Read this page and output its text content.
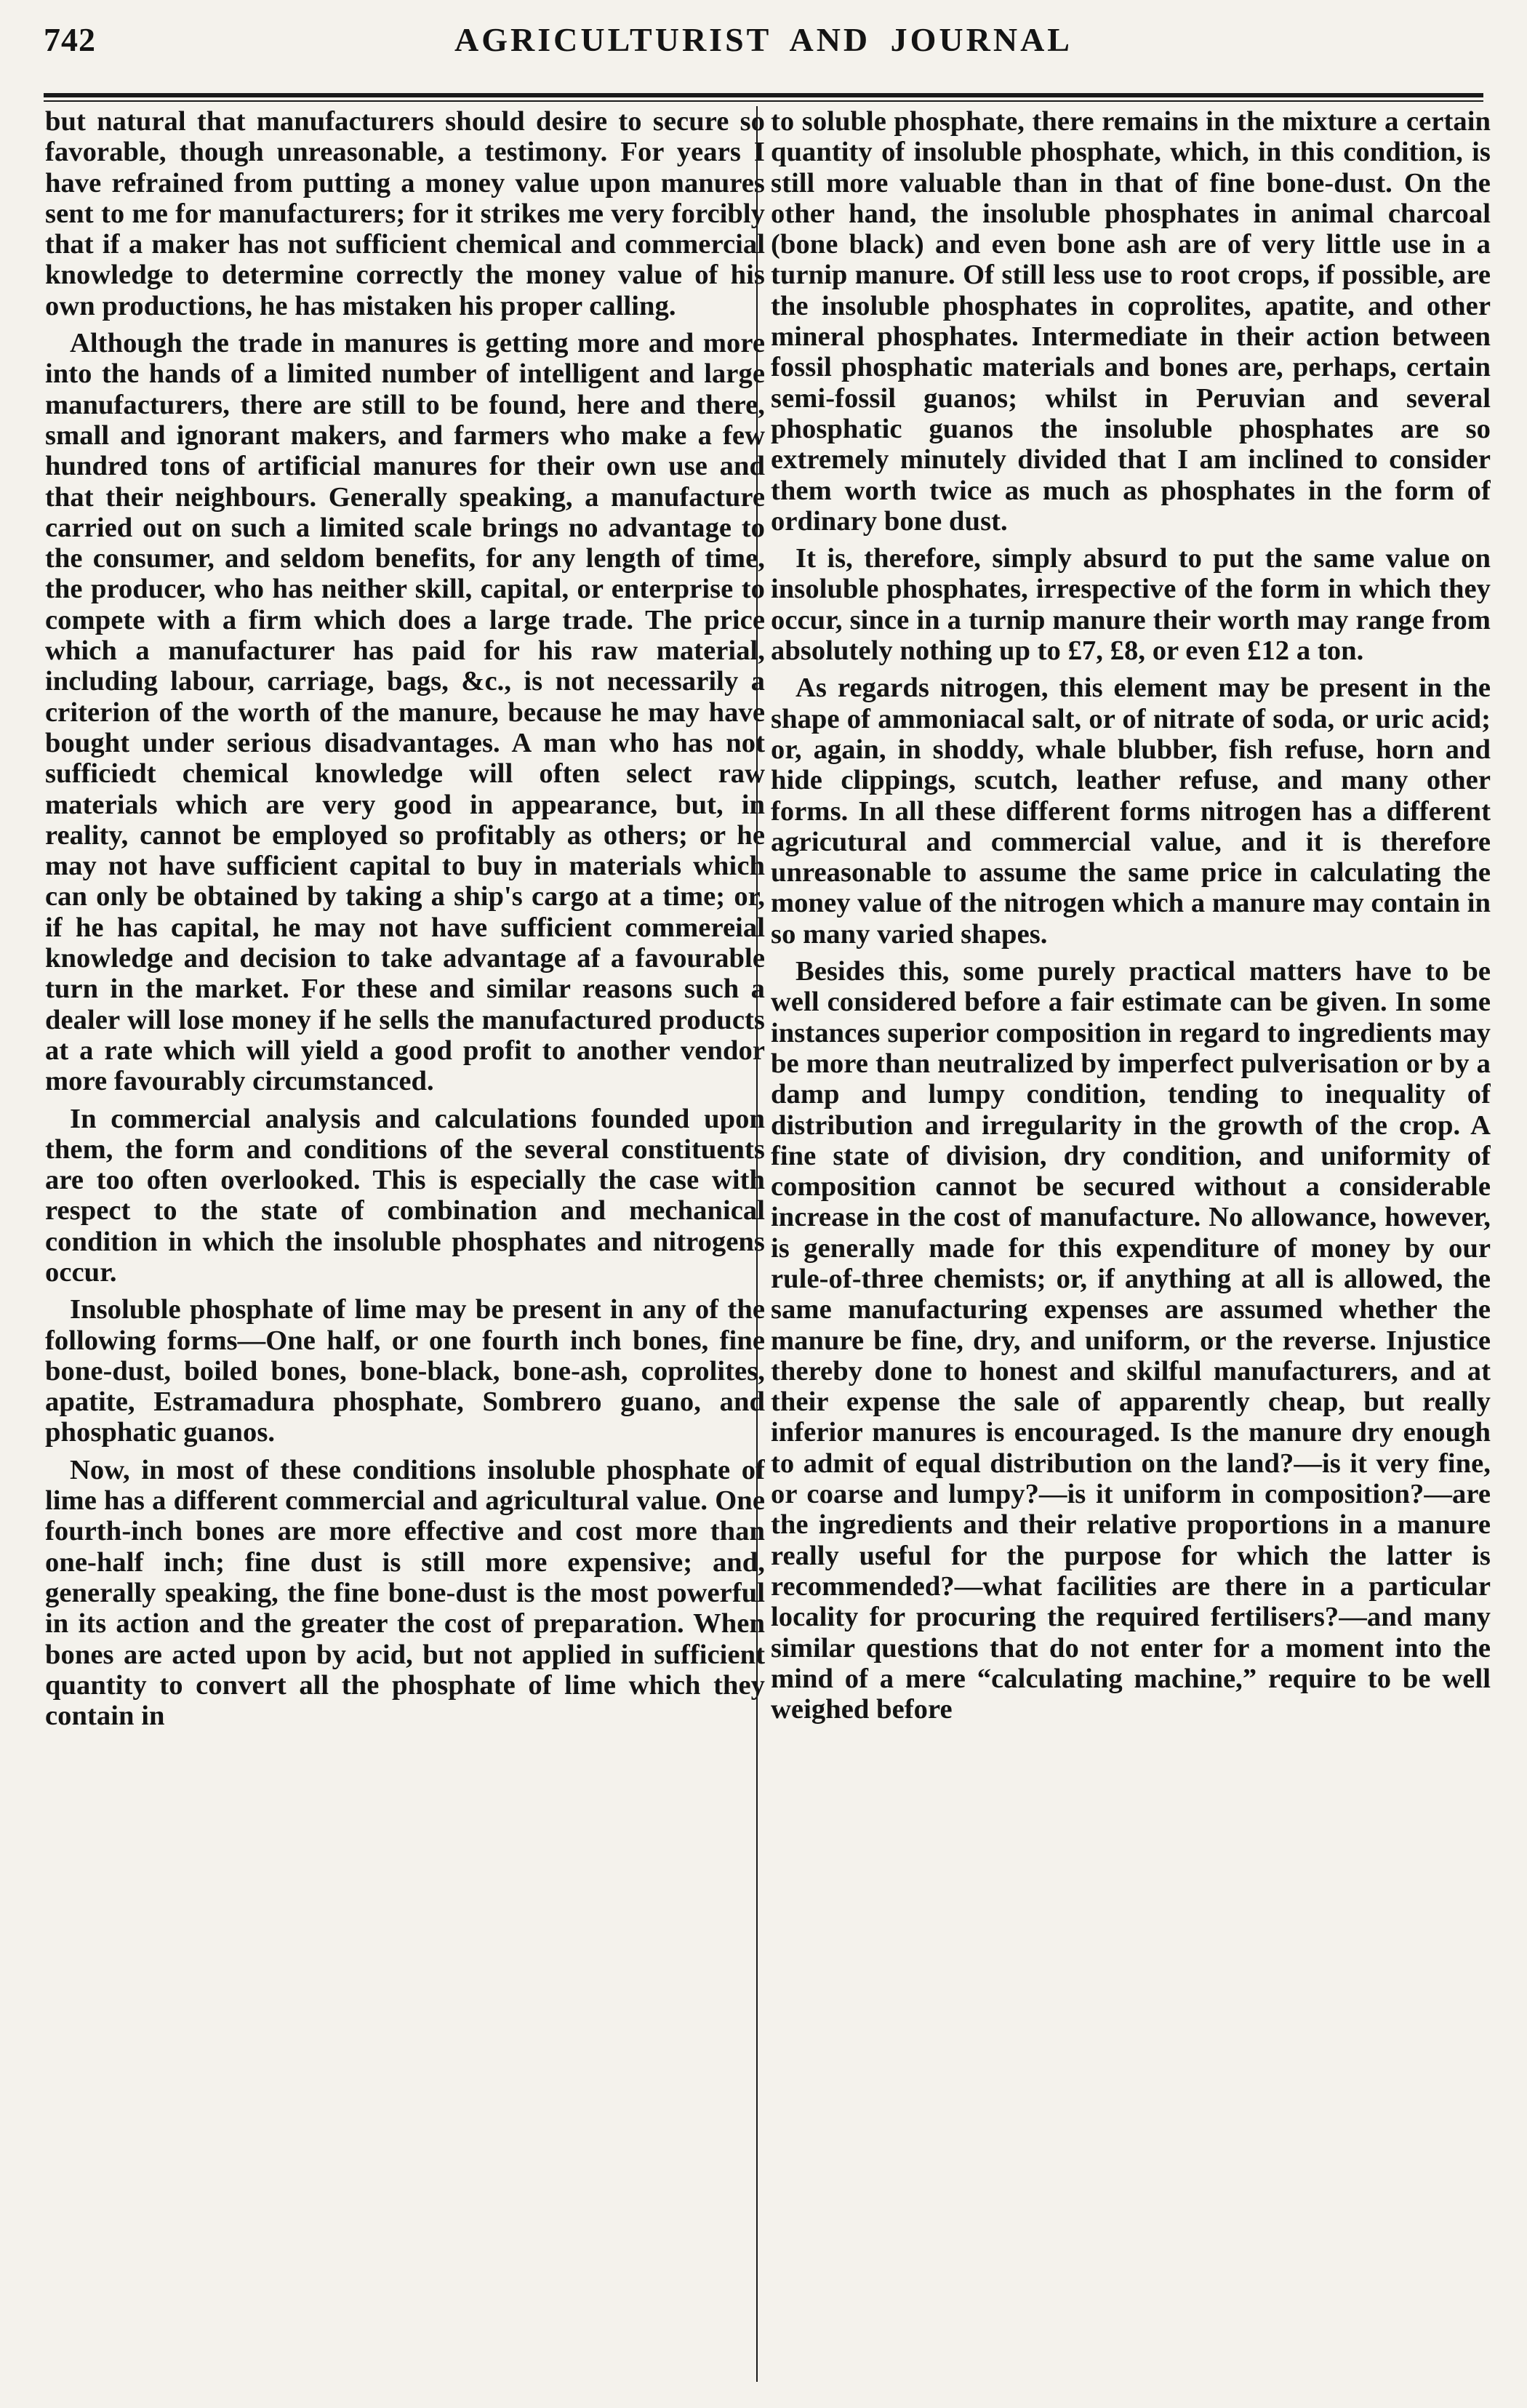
742	AGRICULTURIST AND JOURNAL

but natural that manufacturers should desire to secure so favorable, though unreasonable, a testimony. For years I have refrained from putting a money value upon manures sent to me for manufacturers; for it strikes me very forcibly that if a maker has not sufficient chemical and commercial knowledge to determine correctly the money value of his own productions, he has mistaken his proper calling.

Although the trade in manures is getting more and more into the hands of a limited number of intelligent and large manufacturers, there are still to be found, here and there, small and ignorant makers, and farmers who make a few hundred tons of artificial manures for their own use and that their neighbours. Generally speaking, a manufacture carried out on such a limited scale brings no advantage to the consumer, and seldom benefits, for any length of time, the producer, who has neither skill, capital, or enterprise to compete with a firm which does a large trade. The price which a manufacturer has paid for his raw material, including labour, carriage, bags, &c., is not necessarily a criterion of the worth of the manure, because he may have bought under serious disadvantages. A man who has not sufficiedt chemical knowledge will often select raw materials which are very good in appearance, but, in reality, cannot be employed so profitably as others; or he may not have sufficient capital to buy in materials which can only be obtained by taking a ship's cargo at a time; or, if he has capital, he may not have sufficient commereial knowledge and decision to take advantage af a favourable turn in the market. For these and similar reasons such a dealer will lose money if he sells the manufactured products at a rate which will yield a good profit to another vendor more favourably circumstanced.

In commercial analysis and calculations founded upon them, the form and conditions of the several constituents are too often overlooked. This is especially the case with respect to the state of combination and mechanical condition in which the insoluble phosphates and nitrogens occur.

Insoluble phosphate of lime may be present in any of the following forms—One half, or one fourth inch bones, fine bone-dust, boiled bones, bone-black, bone-ash, coprolites, apatite, Estramadura phosphate, Sombrero guano, and phosphatic guanos.

Now, in most of these conditions insoluble phosphate of lime has a different commercial and agricultural value. One fourth-inch bones are more effective and cost more than one-half inch; fine dust is still more expensive; and, generally speaking, the fine bone-dust is the most powerful in its action and the greater the cost of preparation. When bones are acted upon by acid, but not applied in sufficient quantity to convert all the phosphate of lime which they contain in

to soluble phosphate, there remains in the mixture a certain quantity of insoluble phosphate, which, in this condition, is still more valuable than in that of fine bone-dust. On the other hand, the insoluble phosphates in animal charcoal (bone black) and even bone ash are of very little use in a turnip manure. Of still less use to root crops, if possible, are the insoluble phosphates in coprolites, apatite, and other mineral phosphates. Intermediate in their action between fossil phosphatic materials and bones are, perhaps, certain semi-fossil guanos; whilst in Peruvian and several phosphatic guanos the insoluble phosphates are so extremely minutely divided that I am inclined to consider them worth twice as much as phosphates in the form of ordinary bone dust.

It is, therefore, simply absurd to put the same value on insoluble phosphates, irrespective of the form in which they occur, since in a turnip manure their worth may range from absolutely nothing up to £7, £8, or even £12 a ton.

As regards nitrogen, this element may be present in the shape of ammoniacal salt, or of nitrate of soda, or uric acid; or, again, in shoddy, whale blubber, fish refuse, horn and hide clippings, scutch, leather refuse, and many other forms. In all these different forms nitrogen has a different agricutural and commercial value, and it is therefore unreasonable to assume the same price in calculating the money value of the nitrogen which a manure may contain in so many varied shapes.

Besides this, some purely practical matters have to be well considered before a fair estimate can be given. In some instances superior composition in regard to ingredients may be more than neutralized by imperfect pulverisation or by a damp and lumpy condition, tending to inequality of distribution and irregularity in the growth of the crop. A fine state of division, dry condition, and uniformity of composition cannot be secured without a considerable increase in the cost of manufacture. No allowance, however, is generally made for this expenditure of money by our rule-of-three chemists; or, if anything at all is allowed, the same manufacturing expenses are assumed whether the manure be fine, dry, and uniform, or the reverse. Injustice thereby done to honest and skilful manufacturers, and at their expense the sale of apparently cheap, but really inferior manures is encouraged. Is the manure dry enough to admit of equal distribution on the land?—is it very fine, or coarse and lumpy?—is it uniform in composition?—are the ingredients and their relative proportions in a manure really useful for the purpose for which the latter is recommended?—what facilities are there in a particular locality for procuring the required fertilisers?—and many similar questions that do not enter for a moment into the mind of a mere “calculating machine,” require to be well weighed before
